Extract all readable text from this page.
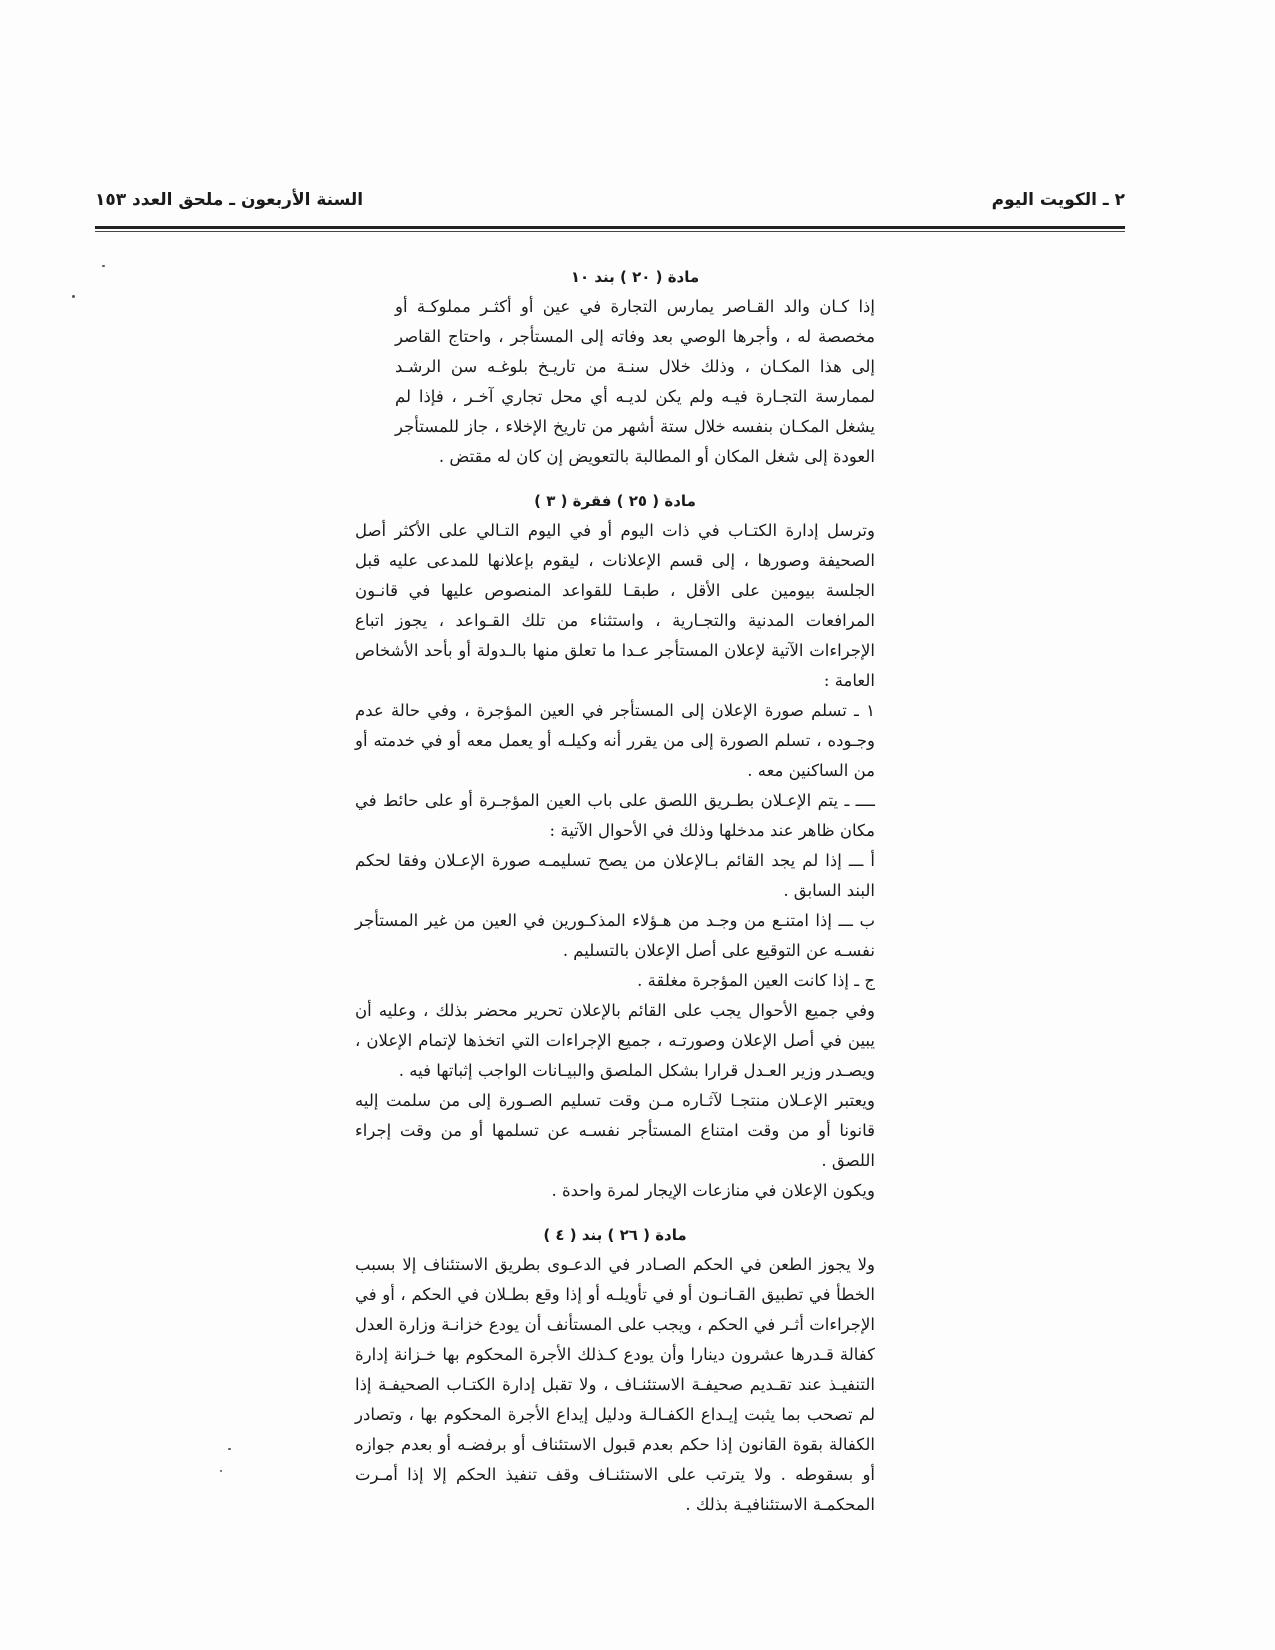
٢ ـ الكويت اليوم
السنة الأربعون ـ ملحق العدد ١٥٣

مادة ( ٢٠ ) بند ١٠

إذا كـان والد القـاصر يمارس التجارة في عين أو أكثـر مملوكـة أو مخصصة له ، وأجرها الوصي بعد وفاته إلى المستأجر ، واحتاج القاصر إلى هذا المكـان ، وذلك خلال سنـة من تاريـخ بلوغـه سن الرشـد لممارسة التجـارة فيـه ولم يكن لديـه أي محل تجاري آخـر ، فإذا لم يشغل المكـان بنفسه خلال ستة أشهر من تاريخ الإخلاء ، جاز للمستأجر العودة إلى شغل المكان أو المطالبة بالتعويض إن كان له مقتض .

مادة ( ٢٥ ) فقرة ( ٣ )

وترسل إدارة الكتـاب في ذات اليوم أو في اليوم التـالي على الأكثر أصل الصحيفة وصورها ، إلى قسم الإعلانات ، ليقوم بإعلانها للمدعى عليه قبل الجلسة بيومين على الأقل ، طبقـا للقواعد المنصوص عليها في قانـون المرافعات المدنية والتجـارية ، واستثناء من تلك القـواعد ، يجوز اتباع الإجراءات الآتية لإعلان المستأجر عـدا ما تعلق منها بالـدولة أو بأحد الأشخاص العامة :

١ ـ تسلم صورة الإعلان إلى المستأجر في العين المؤجرة ، وفي حالة عدم وجـوده ، تسلم الصورة إلى من يقرر أنه وكيلـه أو يعمل معه أو في خدمته أو من الساكنين معه .

ــــ ـ يتم الإعـلان بطـريق اللصق على باب العين المؤجـرة أو على حائط في مكان ظاهر عند مدخلها وذلك في الأحوال الآتية :

أ ـــ إذا لم يجد القائم بـالإعلان من يصح تسليمـه صورة الإعـلان وفقا لحكم البند السابق .

ب ـــ إذا امتنـع من وجـد من هـؤلاء المذكـورين في العين من غير المستأجر نفسـه عن التوقيع على أصل الإعلان بالتسليم .

ج ـ إذا كانت العين المؤجرة مغلقة .

وفي جميع الأحوال يجب على القائم بالإعلان تحرير محضر بذلك ، وعليه أن يبين في أصل الإعلان وصورتـه ، جميع الإجراءات التي اتخذها لإتمام الإعلان ، ويصـدر وزير العـدل قرارا بشكل الملصق والبيـانات الواجب إثباتها فيه .

ويعتبر الإعـلان منتجـا لآثـاره مـن وقت تسليم الصـورة إلى من سلمت إليه قانونا أو من وقت امتناع المستأجر نفسـه عن تسلمها أو من وقت إجراء اللصق .

ويكون الإعلان في منازعات الإيجار لمرة واحدة .

مادة ( ٢٦ ) بند ( ٤ )

ولا يجوز الطعن في الحكم الصـادر في الدعـوى بطريق الاستئناف إلا بسبب الخطأ في تطبيق القـانـون أو في تأويلـه أو إذا وقع بطـلان في الحكم ، أو في الإجراءات أثـر في الحكم ، ويجب على المستأنف أن يودع خزانـة وزارة العدل كفالة قـدرها عشرون دينارا وأن يودع كـذلك الأجرة المحكوم بها خـزانة إدارة التنفيـذ عند تقـديم صحيفـة الاستئنـاف ، ولا تقبل إدارة الكتـاب الصحيفـة إذا لم تصحب بما يثبت إيـداع الكفـالـة ودليل إيداع الأجرة المحكوم بها ، وتصادر الكفالة بقوة القانون إذا حكم بعدم قبول الاستئناف أو برفضـه أو بعدم جوازه أو بسقوطه . ولا يترتب على الاستئنـاف وقف تنفيذ الحكم إلا إذا أمـرت المحكمـة الاستئنافيـة بذلك .
